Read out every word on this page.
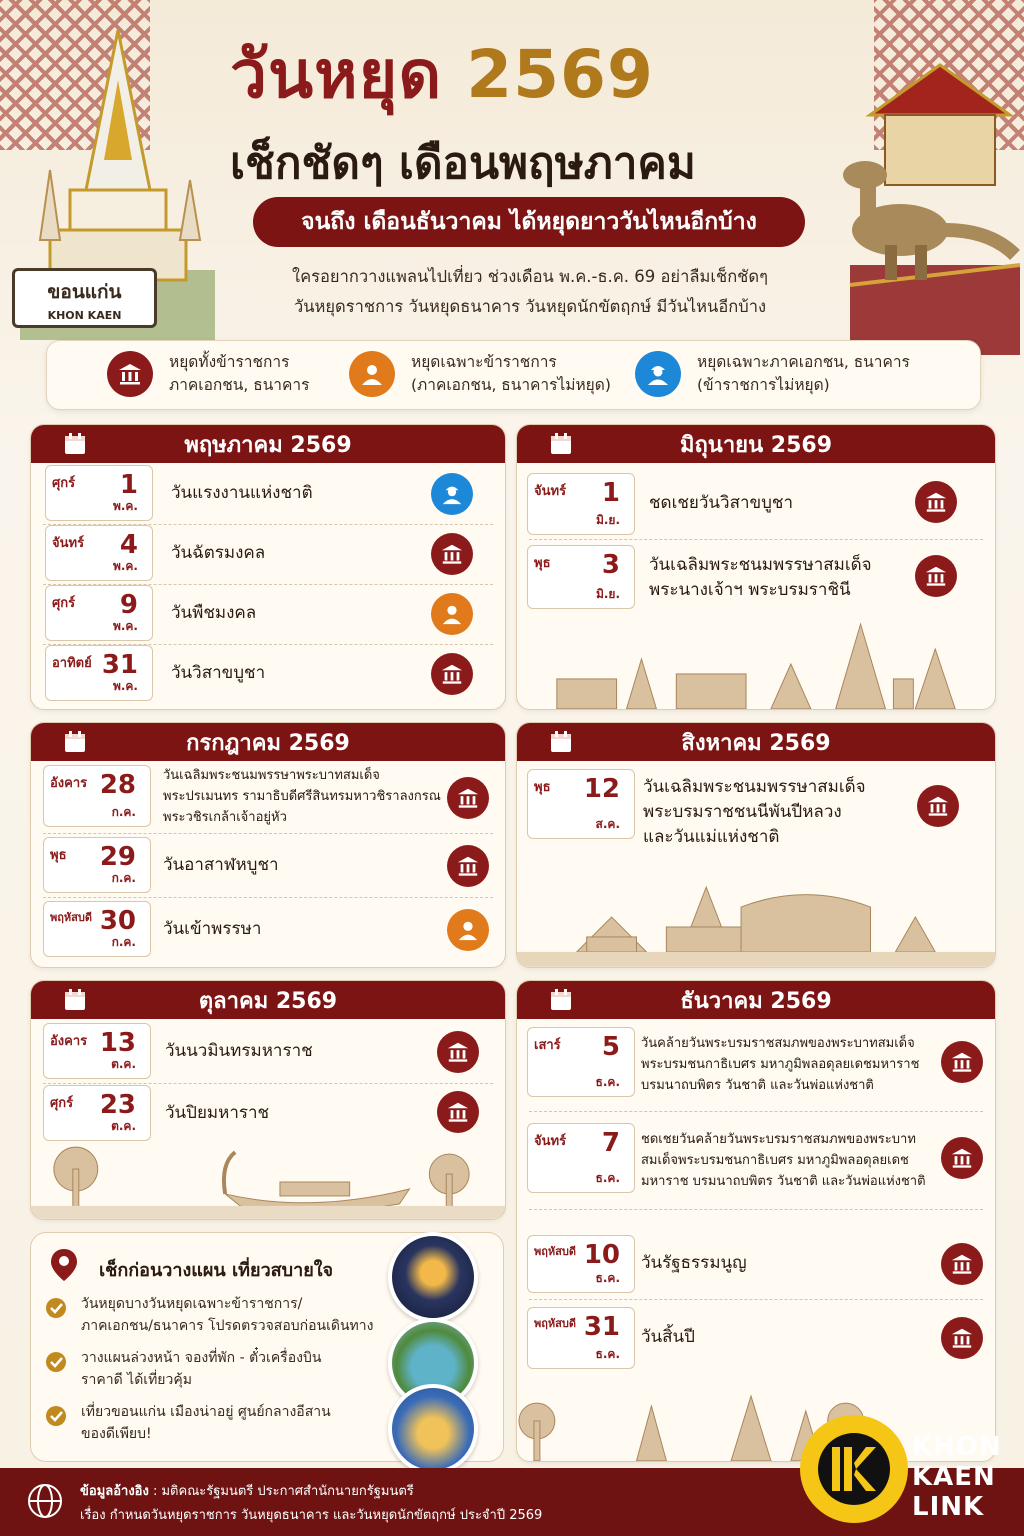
ขอนแก่น
KHON KAEN
วันหยุด 2569
เช็กชัดๆ เดือนพฤษภาคม
จนถึง เดือนธันวาคม ได้หยุดยาววันไหนอีกบ้าง
ใครอยากวางแพลนไปเที่ยว ช่วงเดือน พ.ค.-ธ.ค. 69 อย่าลืมเช็กชัดๆ
วันหยุดราชการ วันหยุดธนาคาร วันหยุดนักขัตฤกษ์ มีวันไหนอีกบ้าง
หยุดทั้งข้าราชการ
ภาคเอกชน, ธนาคาร
หยุดเฉพาะข้าราชการ
(ภาคเอกชน, ธนาคารไม่หยุด)
หยุดเฉพาะภาคเอกชน, ธนาคาร
(ข้าราชการไม่หยุด)
พฤษภาคม 2569
ศุกร์ 1
พ.ค.
วันแรงงานแห่งชาติ
จันทร์ 4
พ.ค.
วันฉัตรมงคล
ศุกร์ 9
พ.ค.
วันพืชมงคล
อาทิตย์ 31
พ.ค.
วันวิสาขบูชา
มิถุนายน 2569
จันทร์ 1
มิ.ย.
ชดเชยวันวิสาขบูชา
พุธ 3
มิ.ย.
วันเฉลิมพระชนมพรรษาสมเด็จ
พระนางเจ้าฯ พระบรมราชินี
กรกฎาคม 2569
อังคาร 28
ก.ค.
วันเฉลิมพระชนมพรรษาพระบาทสมเด็จ
พระปรเมนทร รามาธิบดีศรีสินทรมหาวชิราลงกรณ
พระวชิรเกล้าเจ้าอยู่หัว
พุธ 29
ก.ค.
วันอาสาฬหบูชา
พฤหัสบดี 30
ก.ค.
วันเข้าพรรษา
สิงหาคม 2569
พุธ 12
ส.ค.
วันเฉลิมพระชนมพรรษาสมเด็จ
พระบรมราชชนนีพันปีหลวง
และวันแม่แห่งชาติ
ตุลาคม 2569
อังคาร 13
ต.ค.
วันนวมินทรมหาราช
ศุกร์ 23
ต.ค.
วันปิยมหาราช
ธันวาคม 2569
เสาร์ 5
ธ.ค.
วันคล้ายวันพระบรมราชสมภพของพระบาทสมเด็จ
พระบรมชนกาธิเบศร มหาภูมิพลอดุลยเดชมหาราช
บรมนาถบพิตร วันชาติ และวันพ่อแห่งชาติ
จันทร์ 7
ธ.ค.
ชดเชยวันคล้ายวันพระบรมราชสมภพของพระบาท
สมเด็จพระบรมชนกาธิเบศร มหาภูมิพลอดุลยเดช
มหาราช บรมนาถบพิตร วันชาติ และวันพ่อแห่งชาติ
พฤหัสบดี 10
ธ.ค.
วันรัฐธรรมนูญ
พฤหัสบดี 31
ธ.ค.
วันสิ้นปี
เช็กก่อนวางแผน เที่ยวสบายใจ
วันหยุดบางวันหยุดเฉพาะข้าราชการ/
ภาคเอกชน/ธนาคาร โปรดตรวจสอบก่อนเดินทาง
วางแผนล่วงหน้า จองที่พัก - ตั๋วเครื่องบิน
ราคาดี ได้เที่ยวคุ้ม
เที่ยวขอนแก่น เมืองน่าอยู่ ศูนย์กลางอีสาน
ของดีเพียบ!
ข้อมูลอ้างอิง : มติคณะรัฐมนตรี ประกาศสำนักนายกรัฐมนตรี
เรื่อง กำหนดวันหยุดราชการ วันหยุดธนาคาร และวันหยุดนักขัตฤกษ์ ประจำปี 2569
KHON
KAEN
LINK
